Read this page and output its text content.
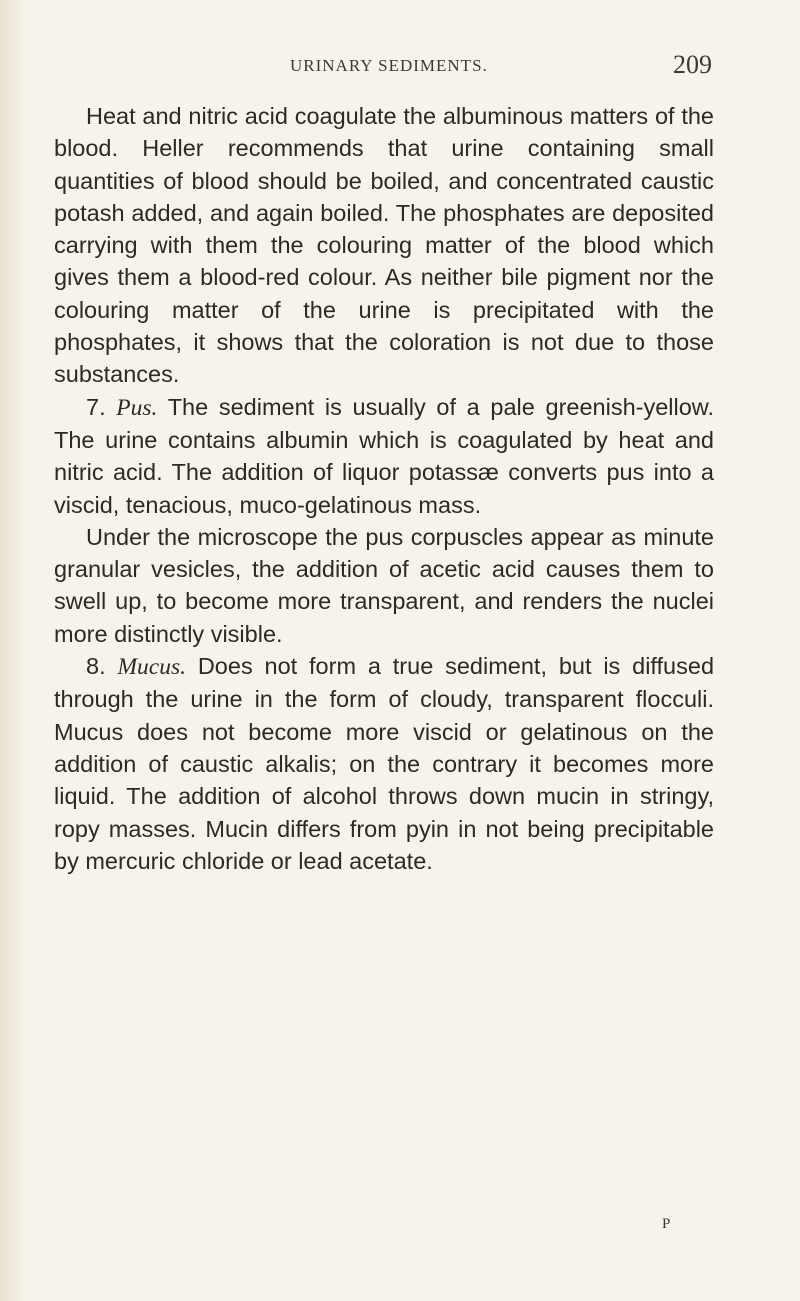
URINARY SEDIMENTS.	209

Heat and nitric acid coagulate the albuminous matters of the blood. Heller recommends that urine containing small quantities of blood should be boiled, and concentrated caustic potash added, and again boiled. The phosphates are deposited carrying with them the colouring matter of the blood which gives them a blood-red colour. As neither bile pigment nor the colouring matter of the urine is precipitated with the phosphates, it shows that the coloration is not due to those substances.

7. Pus. The sediment is usually of a pale greenish-yellow. The urine contains albumin which is coagulated by heat and nitric acid. The addition of liquor potassæ converts pus into a viscid, tenacious, muco-gelatinous mass.

Under the microscope the pus corpuscles appear as minute granular vesicles, the addition of acetic acid causes them to swell up, to become more transparent, and renders the nuclei more distinctly visible.

8. Mucus. Does not form a true sediment, but is diffused through the urine in the form of cloudy, transparent flocculi. Mucus does not become more viscid or gelatinous on the addition of caustic alkalis; on the contrary it becomes more liquid. The addition of alcohol throws down mucin in stringy, ropy masses. Mucin differs from pyin in not being precipitable by mercuric chloride or lead acetate.

P
